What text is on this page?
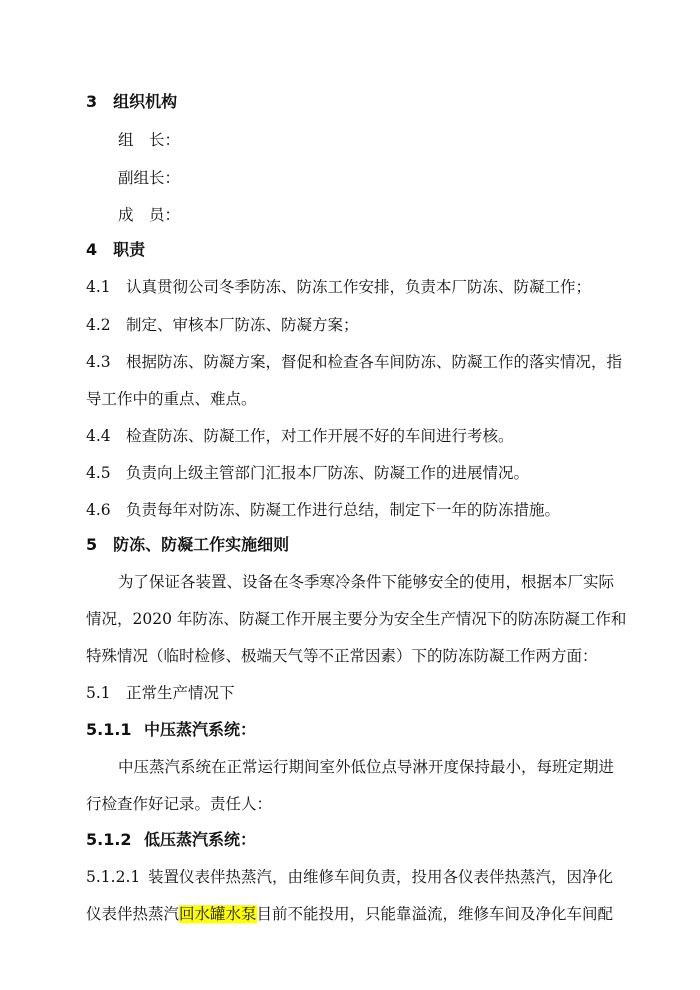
3 组织机构
组　长：
副组长：
成　员：
4 职责
4.1 认真贯彻公司冬季防冻、防冻工作安排，负责本厂防冻、防凝工作；
4.2 制定、审核本厂防冻、防凝方案；
4.3 根据防冻、防凝方案，督促和检查各车间防冻、防凝工作的落实情况，指
导工作中的重点、难点。
4.4 检查防冻、防凝工作，对工作开展不好的车间进行考核。
4.5 负责向上级主管部门汇报本厂防冻、防凝工作的进展情况。
4.6 负责每年对防冻、防凝工作进行总结，制定下一年的防冻措施。
5 防冻、防凝工作实施细则
为了保证各装置、设备在冬季寒冷条件下能够安全的使用，根据本厂实际
情况，2020 年防冻、防凝工作开展主要分为安全生产情况下的防冻防凝工作和
特殊情况（临时检修、极端天气等不正常因素）下的防冻防凝工作两方面：
5.1 正常生产情况下
5.1.1 中压蒸汽系统：
中压蒸汽系统在正常运行期间室外低位点导淋开度保持最小，每班定期进
行检查作好记录。责任人：
5.1.2 低压蒸汽系统：
5.1.2.1 装置仪表伴热蒸汽，由维修车间负责，投用各仪表伴热蒸汽，因净化
仪表伴热蒸汽回水罐水泵目前不能投用，只能靠溢流，维修车间及净化车间配
